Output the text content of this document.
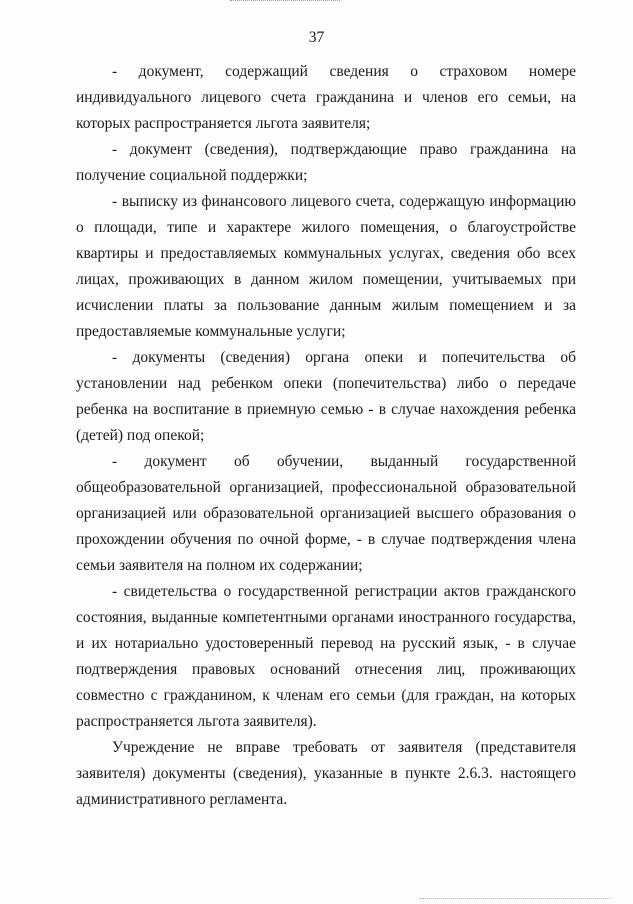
37

- документ, содержащий сведения о страховом номере индивидуального лицевого счета гражданина и членов его семьи, на которых распространяется льгота заявителя;

- документ (сведения), подтверждающие право гражданина на получение социальной поддержки;

- выписку из финансового лицевого счета, содержащую информацию о площади, типе и характере жилого помещения, о благоустройстве квартиры и предоставляемых коммунальных услугах, сведения обо всех лицах, проживающих в данном жилом помещении, учитываемых при исчислении платы за пользование данным жилым помещением и за предоставляемые коммунальные услуги;

- документы (сведения) органа опеки и попечительства об установлении над ребенком опеки (попечительства) либо о передаче ребенка на воспитание в приемную семью - в случае нахождения ребенка (детей) под опекой;

- документ об обучении, выданный государственной общеобразовательной организацией, профессиональной образовательной организацией или образовательной организацией высшего образования о прохождении обучения по очной форме, - в случае подтверждения члена семьи заявителя на полном их содержании;

- свидетельства о государственной регистрации актов гражданского состояния, выданные компетентными органами иностранного государства, и их нотариально удостоверенный перевод на русский язык, - в случае подтверждения правовых оснований отнесения лиц, проживающих совместно с гражданином, к членам его семьи (для граждан, на которых распространяется льгота заявителя).

Учреждение не вправе требовать от заявителя (представителя заявителя) документы (сведения), указанные в пункте 2.6.3. настоящего административного регламента.
